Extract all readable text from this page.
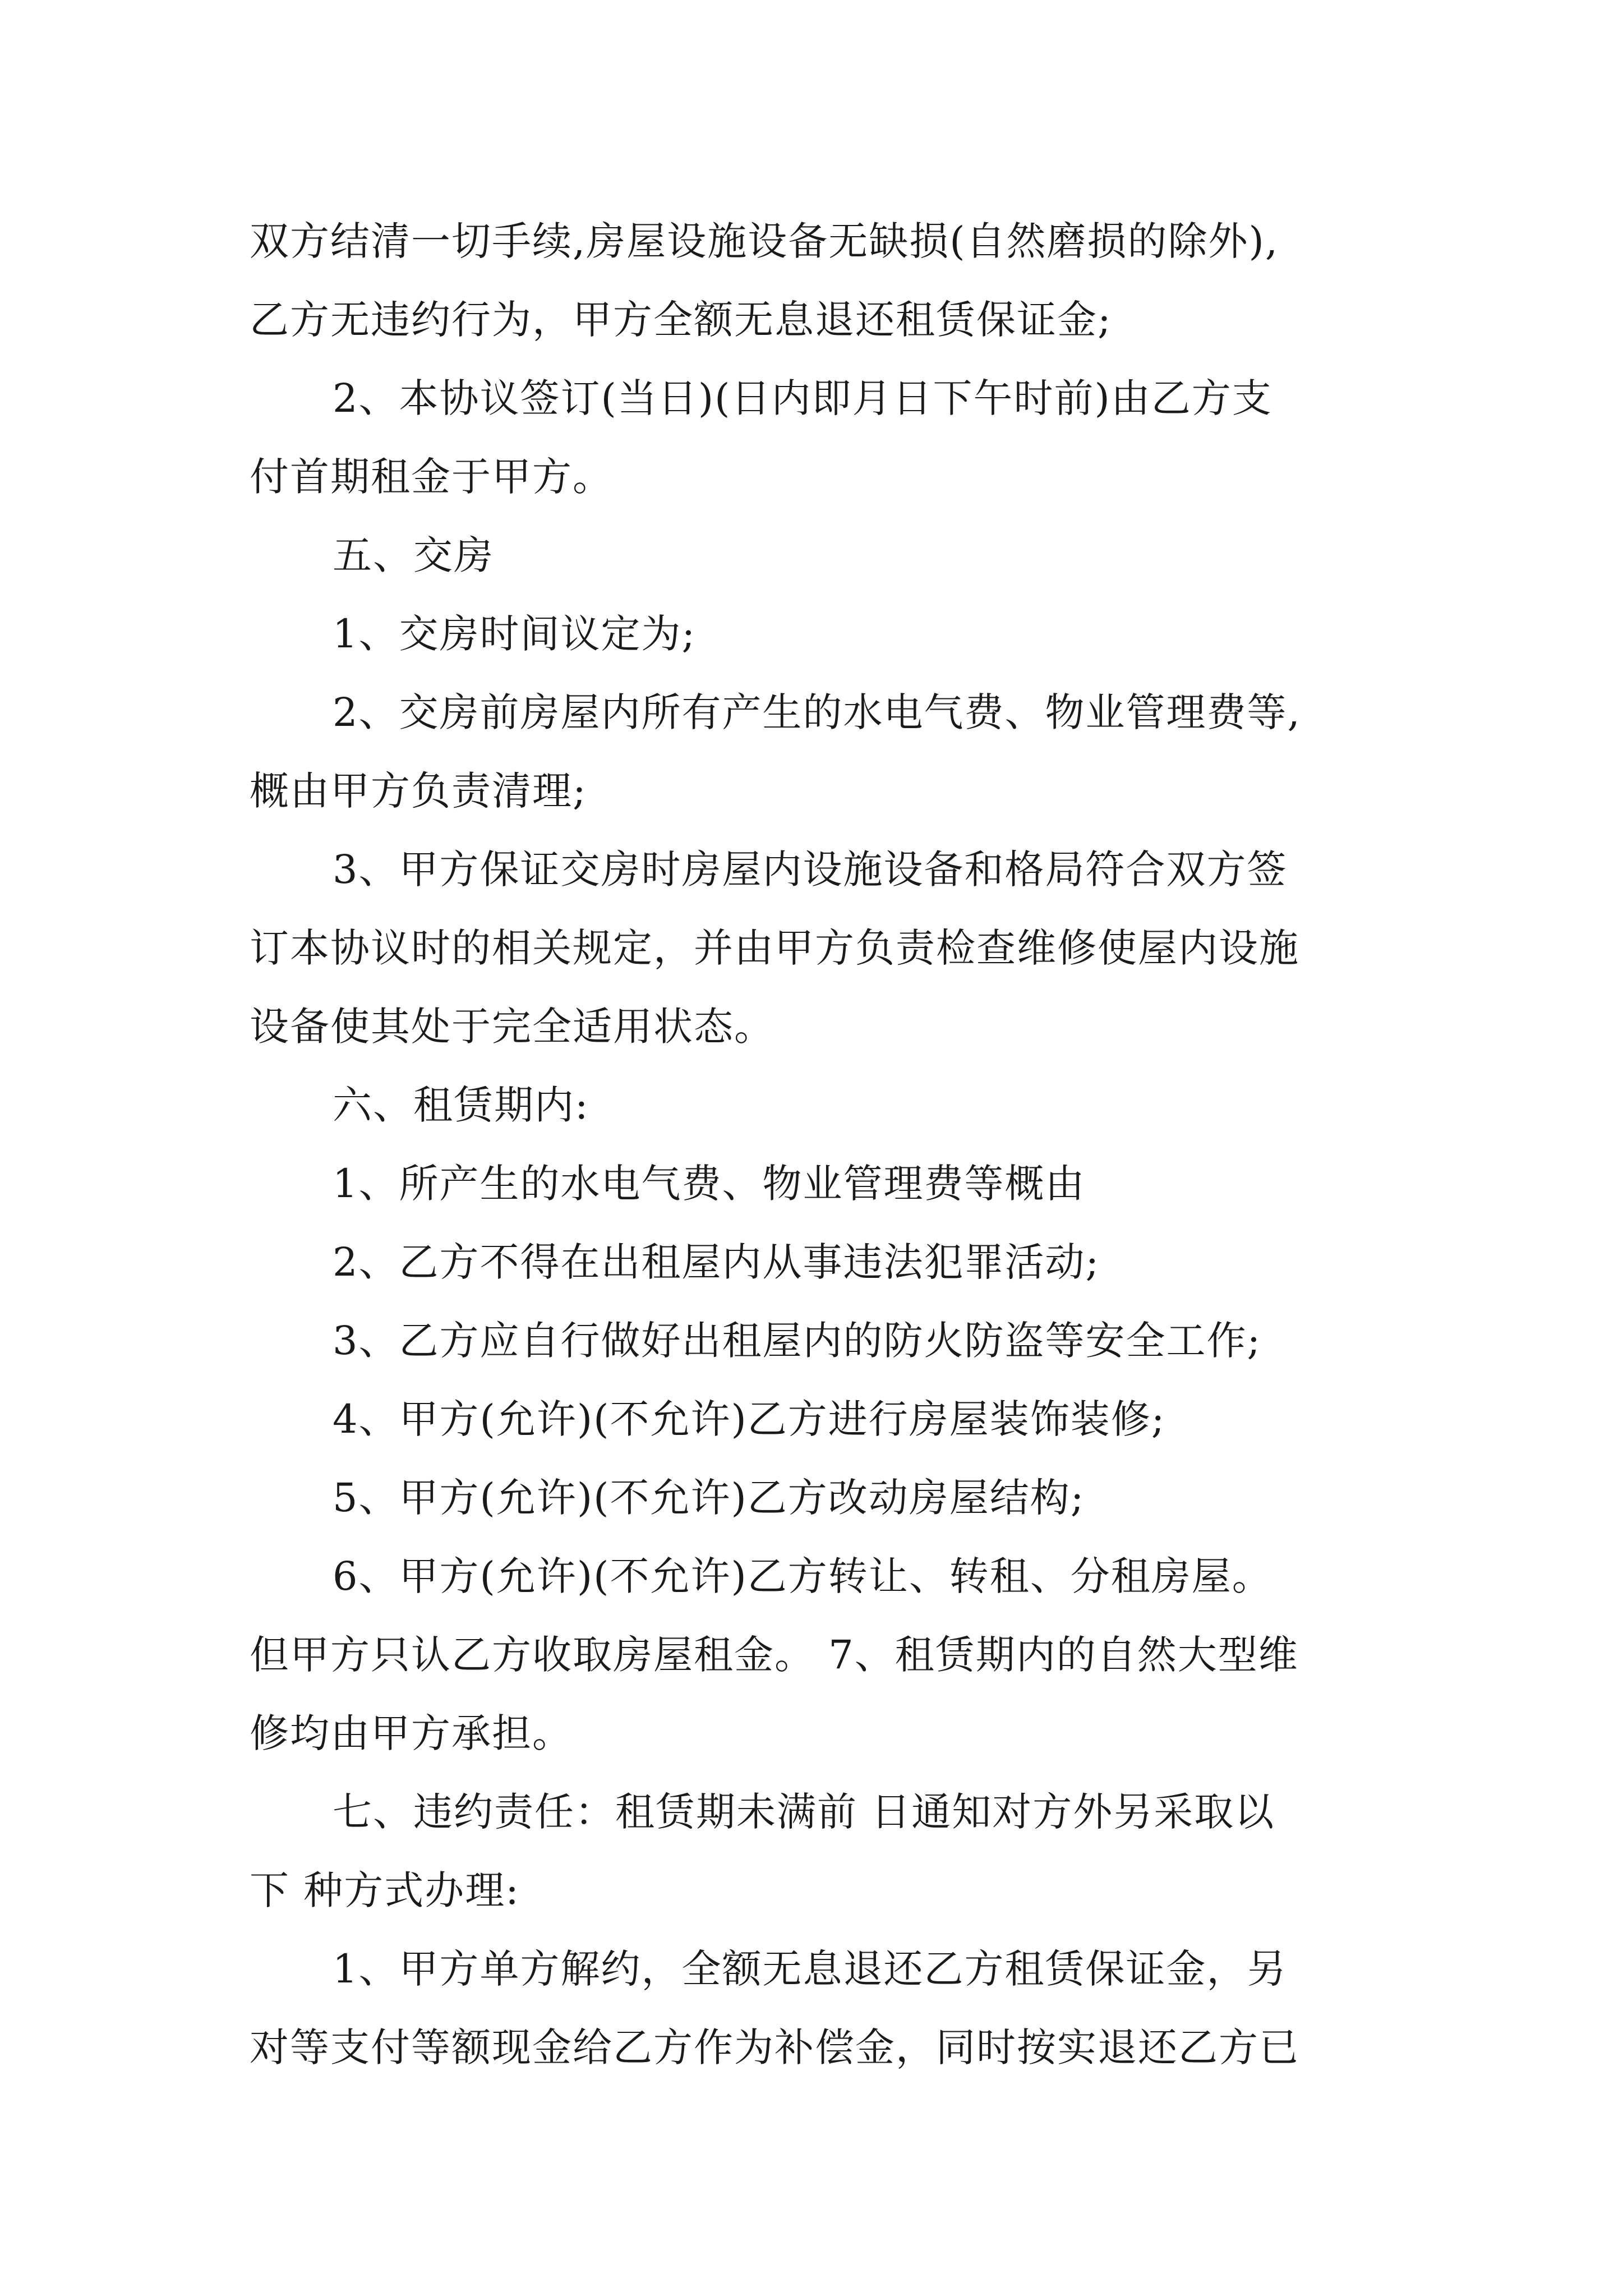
双方结清一切手续,房屋设施设备无缺损(自然磨损的除外),
乙方无违约行为，甲方全额无息退还租赁保证金;
2、本协议签订(当日)(日内即月日下午时前)由乙方支
付首期租金于甲方。
五、交房
1、交房时间议定为;
2、交房前房屋内所有产生的水电气费、物业管理费等,
概由甲方负责清理;
3、甲方保证交房时房屋内设施设备和格局符合双方签
订本协议时的相关规定，并由甲方负责检查维修使屋内设施
设备使其处于完全适用状态。
六、租赁期内:
1、所产生的水电气费、物业管理费等概由
2、乙方不得在出租屋内从事违法犯罪活动;
3、乙方应自行做好出租屋内的防火防盗等安全工作;
4、甲方(允许)(不允许)乙方进行房屋装饰装修;
5、甲方(允许)(不允许)乙方改动房屋结构;
6、甲方(允许)(不允许)乙方转让、转租、分租房屋。
但甲方只认乙方收取房屋租金。 7、租赁期内的自然大型维
修均由甲方承担。
七、违约责任：租赁期未满前 日通知对方外另采取以
下 种方式办理:
1、甲方单方解约，全额无息退还乙方租赁保证金，另
对等支付等额现金给乙方作为补偿金，同时按实退还乙方已
